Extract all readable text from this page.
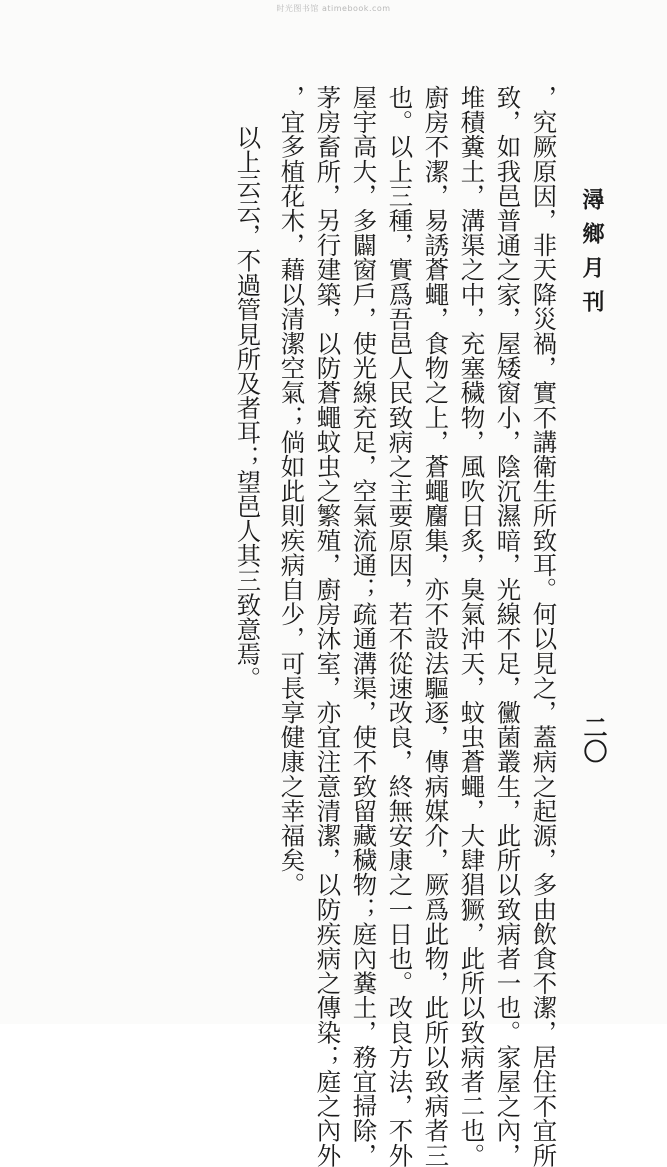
时光图书馆 atimebook.com
潯鄉月刊
二〇
，究厥原因，非天降災禍，實不講衛生所致耳。何以見之，蓋病之起源，多由飲食不潔，居住不宜所
致，如我邑普通之家，屋矮窗小，陰沉濕暗，光線不足，黴菌叢生，此所以致病者一也。家屋之內，
堆積糞土，溝渠之中，充塞穢物，風吹日炙，臭氣沖天，蚊虫蒼蠅，大肆猖獗，此所以致病者二也。
廚房不潔，易誘蒼蠅，食物之上，蒼蠅麕集，亦不設法驅逐，傳病媒介，厥爲此物，此所以致病者三
也。以上三種，實爲吾邑人民致病之主要原因，若不從速改良，終無安康之一日也。改良方法，不外
屋宇高大，多闢窗戶，使光線充足，空氣流通；疏通溝渠，使不致留藏穢物；庭內糞土，務宜掃除，
茅房畜所，另行建築，以防蒼蠅蚊虫之繁殖，廚房沐室，亦宜注意清潔，以防疾病之傳染；庭之內外
，宜多植花木，藉以清潔空氣；倘如此則疾病自少，可長享健康之幸福矣。
以上云云，不過管見所及者耳；望邑人其三致意焉。
